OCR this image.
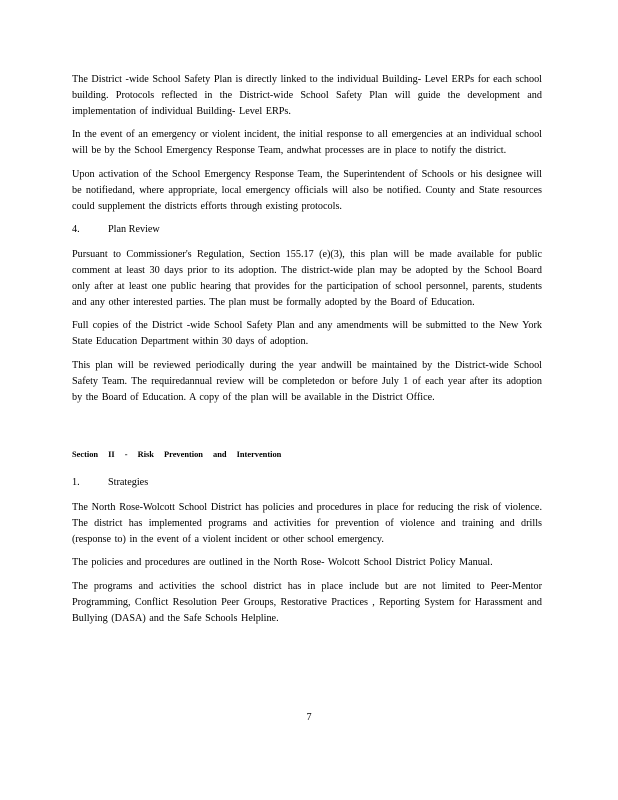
The District -wide School Safety Plan is directly linked to the individual Building- Level ERPs for each school building. Protocols reflected in the District-wide School Safety Plan will guide the development and implementation of individual Building- Level ERPs.

In the event of an emergency or violent incident, the initial response to all emergencies at an individual school will be by the School Emergency Response Team, andwhat processes are in place to notify the district.

Upon activation of the School Emergency Response Team, the Superintendent of Schools or his designee will be notifiedand, where appropriate, local emergency officials will also be notified. County and State resources could supplement the districts efforts through existing protocols.

4.	Plan Review

Pursuant to Commissioner's Regulation, Section 155.17 (e)(3), this plan will be made available for public comment at least 30 days prior to its adoption. The district-wide plan may be adopted by the School Board only after at least one public hearing that provides for the participation of school personnel, parents, students and any other interested parties. The plan must be formally adopted by the Board of Education.

Full copies of the District -wide School Safety Plan and any amendments will be submitted to the New York State Education Department within 30 days of adoption.

This plan will be reviewed periodically during the year andwill be maintained by the District-wide School Safety Team. The requiredannual review will be completedon or before July 1 of each year after its adoption by the Board of Education. A copy of the plan will be available in the District Office.

Section II - Risk Prevention and Intervention
1.	Strategies

The North Rose-Wolcott School District has policies and procedures in place for reducing the risk of violence. The district has implemented programs and activities for prevention of violence and training and drills (response to) in the event of a violent incident or other school emergency.

The policies and procedures are outlined in the North Rose- Wolcott School District Policy Manual.

The programs and activities the school district has in place include but are not limited to Peer-Mentor Programming, Conflict Resolution Peer Groups, Restorative Practices , Reporting System for Harassment and Bullying (DASA) and the Safe Schools Helpline.

7
